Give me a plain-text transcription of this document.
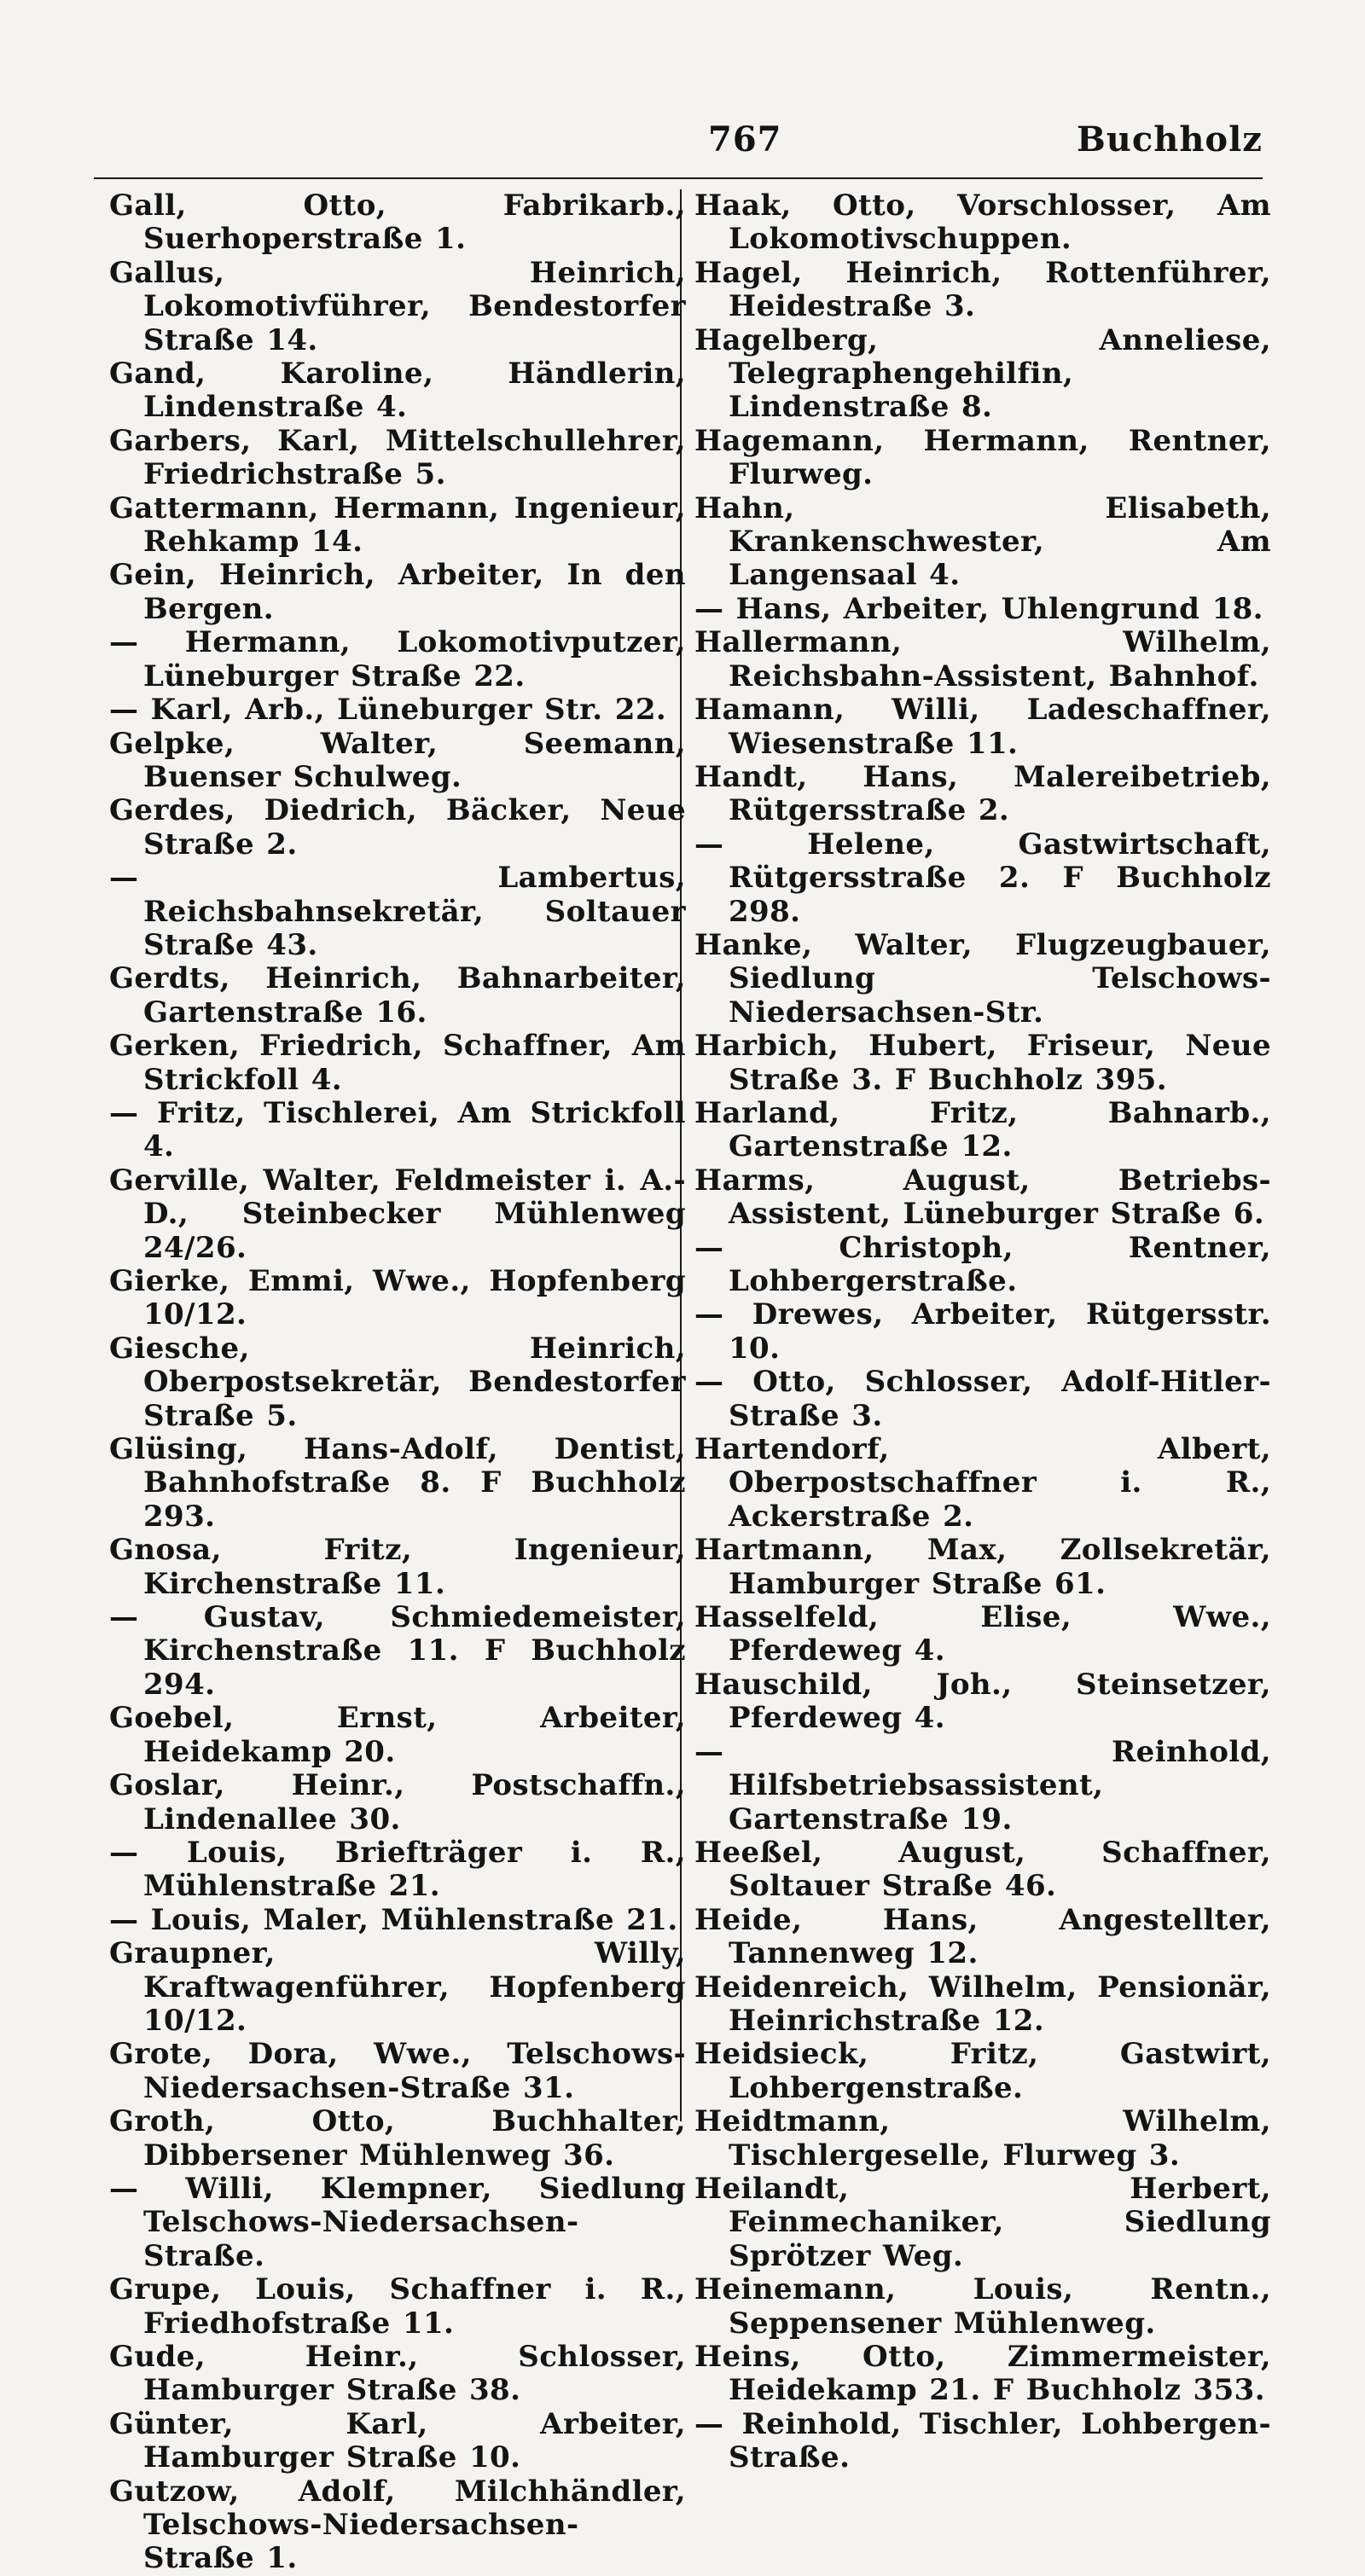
767	Buchholz
Gall, Otto, Fabrikarb., Suerhoperstraße 1.
Gallus, Heinrich, Lokomotivführer, Bendestorfer Straße 14.
Gand, Karoline, Händlerin, Lindenstraße 4.
Garbers, Karl, Mittelschullehrer, Friedrichstraße 5.
Gattermann, Hermann, Ingenieur, Rehkamp 14.
Gein, Heinrich, Arbeiter, In den Bergen.
— Hermann, Lokomotivputzer, Lüneburger Straße 22.
— Karl, Arb., Lüneburger Str. 22.
Gelpke, Walter, Seemann, Buenser Schulweg.
Gerdes, Diedrich, Bäcker, Neue Straße 2.
— Lambertus, Reichsbahnsekretär, Soltauer Straße 43.
Gerdts, Heinrich, Bahnarbeiter, Gartenstraße 16.
Gerken, Friedrich, Schaffner, Am Strickfoll 4.
— Fritz, Tischlerei, Am Strickfoll 4.
Gerville, Walter, Feldmeister i. A.-D., Steinbecker Mühlenweg 24/26.
Gierke, Emmi, Wwe., Hopfenberg 10/12.
Giesche, Heinrich, Oberpostsekretär, Bendestorfer Straße 5.
Glüsing, Hans-Adolf, Dentist, Bahnhofstraße 8. F Buchholz 293.
Gnosa, Fritz, Ingenieur, Kirchenstraße 11.
— Gustav, Schmiedemeister, Kirchenstraße 11. F Buchholz 294.
Goebel, Ernst, Arbeiter, Heidekamp 20.
Goslar, Heinr., Postschaffn., Lindenallee 30.
— Louis, Briefträger i. R., Mühlenstraße 21.
— Louis, Maler, Mühlenstraße 21.
Graupner, Willy, Kraftwagenführer, Hopfenberg 10/12.
Grote, Dora, Wwe., Telschows-Niedersachsen-Straße 31.
Groth, Otto, Buchhalter, Dibbersener Mühlenweg 36.
— Willi, Klempner, Siedlung Telschows-Niedersachsen-Straße.
Grupe, Louis, Schaffner i. R., Friedhofstraße 11.
Gude, Heinr., Schlosser, Hamburger Straße 38.
Günter, Karl, Arbeiter, Hamburger Straße 10.
Gutzow, Adolf, Milchhändler, Telschows-Niedersachsen-Straße 1.
Haak, Otto, Vorschlosser, Am Lokomotivschuppen.
Hagel, Heinrich, Rottenführer, Heidestraße 3.
Hagelberg, Anneliese, Telegraphengehilfin, Lindenstraße 8.
Hagemann, Hermann, Rentner, Flurweg.
Hahn, Elisabeth, Krankenschwester, Am Langensaal 4.
— Hans, Arbeiter, Uhlengrund 18.
Hallermann, Wilhelm, Reichsbahn-Assistent, Bahnhof.
Hamann, Willi, Ladeschaffner, Wiesenstraße 11.
Handt, Hans, Malereibetrieb, Rütgersstraße 2.
— Helene, Gastwirtschaft, Rütgersstraße 2. F Buchholz 298.
Hanke, Walter, Flugzeugbauer, Siedlung Telschows-Niedersachsen-Str.
Harbich, Hubert, Friseur, Neue Straße 3. F Buchholz 395.
Harland, Fritz, Bahnarb., Gartenstraße 12.
Harms, August, Betriebs-Assistent, Lüneburger Straße 6.
— Christoph, Rentner, Lohbergerstraße.
— Drewes, Arbeiter, Rütgersstr. 10.
— Otto, Schlosser, Adolf-Hitler-Straße 3.
Hartendorf, Albert, Oberpostschaffner i. R., Ackerstraße 2.
Hartmann, Max, Zollsekretär, Hamburger Straße 61.
Hasselfeld, Elise, Wwe., Pferdeweg 4.
Hauschild, Joh., Steinsetzer, Pferdeweg 4.
— Reinhold, Hilfsbetriebsassistent, Gartenstraße 19.
Heeßel, August, Schaffner, Soltauer Straße 46.
Heide, Hans, Angestellter, Tannenweg 12.
Heidenreich, Wilhelm, Pensionär, Heinrichstraße 12.
Heidsieck, Fritz, Gastwirt, Lohbergenstraße.
Heidtmann, Wilhelm, Tischlergeselle, Flurweg 3.
Heilandt, Herbert, Feinmechaniker, Siedlung Sprötzer Weg.
Heinemann, Louis, Rentn., Seppensener Mühlenweg.
Heins, Otto, Zimmermeister, Heidekamp 21. F Buchholz 353.
— Reinhold, Tischler, Lohbergen-Straße.
